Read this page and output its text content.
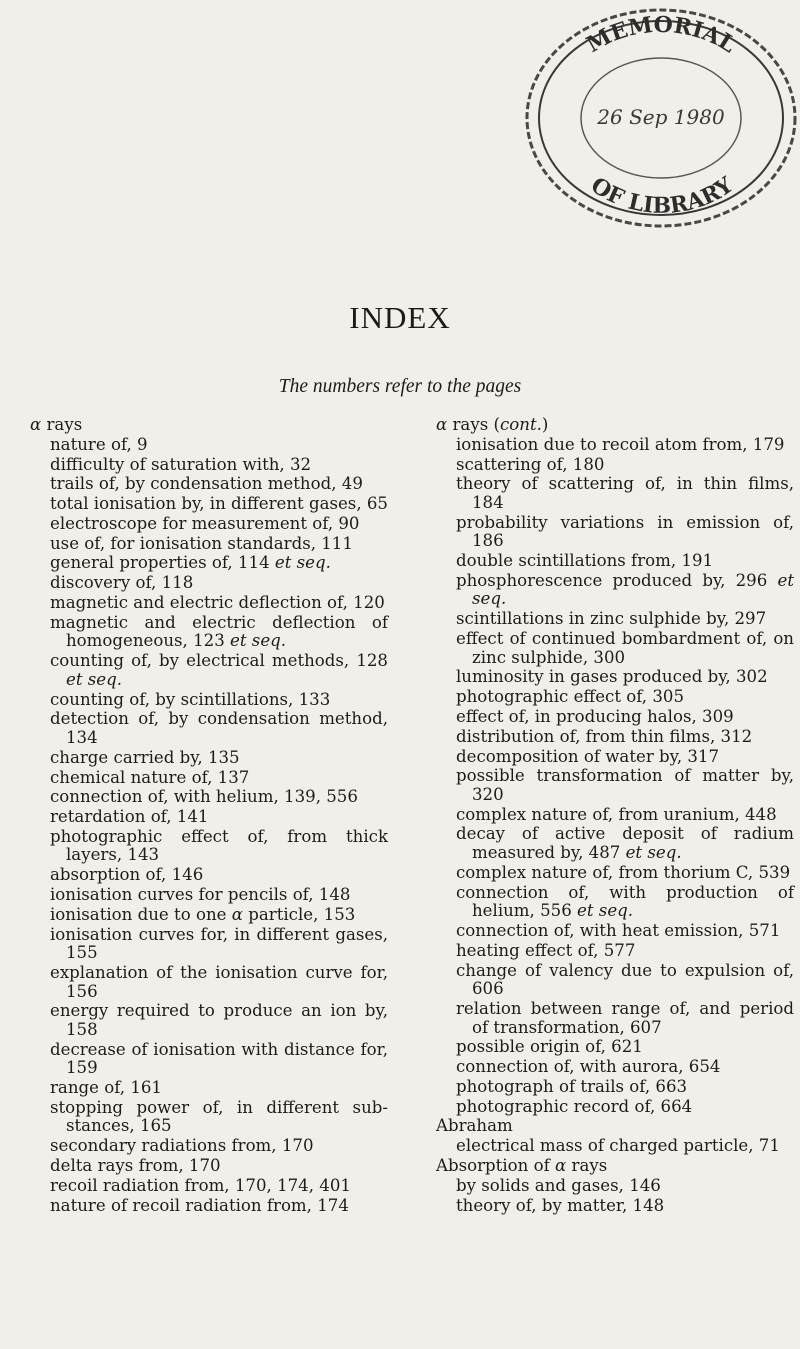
MEMORIAL
26 Sep 1980
OF LIBRARY
INDEX
The numbers refer to the pages
α rays
nature of, 9
difficulty of saturation with, 32
trails of, by condensation method, 49
total ionisation by, in different gases, 65
electroscope for measurement of, 90
use of, for ionisation standards, 111
general properties of, 114 et seq.
discovery of, 118
magnetic and electric deflection of, 120
magnetic and electric deflection of homogeneous, 123 et seq.
counting of, by electrical methods, 128 et seq.
counting of, by scintillations, 133
detection of, by condensation method, 134
charge carried by, 135
chemical nature of, 137
connection of, with helium, 139, 556
retardation of, 141
photographic effect of, from thick layers, 143
absorption of, 146
ionisation curves for pencils of, 148
ionisation due to one α particle, 153
ionisation curves for, in different gases, 155
explanation of the ionisation curve for, 156
energy required to produce an ion by, 158
decrease of ionisation with distance for, 159
range of, 161
stopping power of, in different sub-stances, 165
secondary radiations from, 170
delta rays from, 170
recoil radiation from, 170, 174, 401
nature of recoil radiation from, 174
α rays (cont.)
ionisation due to recoil atom from, 179
scattering of, 180
theory of scattering of, in thin films, 184
probability variations in emission of, 186
double scintillations from, 191
phosphorescence produced by, 296 et seq.
scintillations in zinc sulphide by, 297
effect of continued bombardment of, on zinc sulphide, 300
luminosity in gases produced by, 302
photographic effect of, 305
effect of, in producing halos, 309
distribution of, from thin films, 312
decomposition of water by, 317
possible transformation of matter by, 320
complex nature of, from uranium, 448
decay of active deposit of radium measured by, 487 et seq.
complex nature of, from thorium C, 539
connection of, with production of helium, 556 et seq.
connection of, with heat emission, 571
heating effect of, 577
change of valency due to expulsion of, 606
relation between range of, and period of transformation, 607
possible origin of, 621
connection of, with aurora, 654
photograph of trails of, 663
photographic record of, 664
Abraham
electrical mass of charged particle, 71
Absorption of α rays
by solids and gases, 146
theory of, by matter, 148
